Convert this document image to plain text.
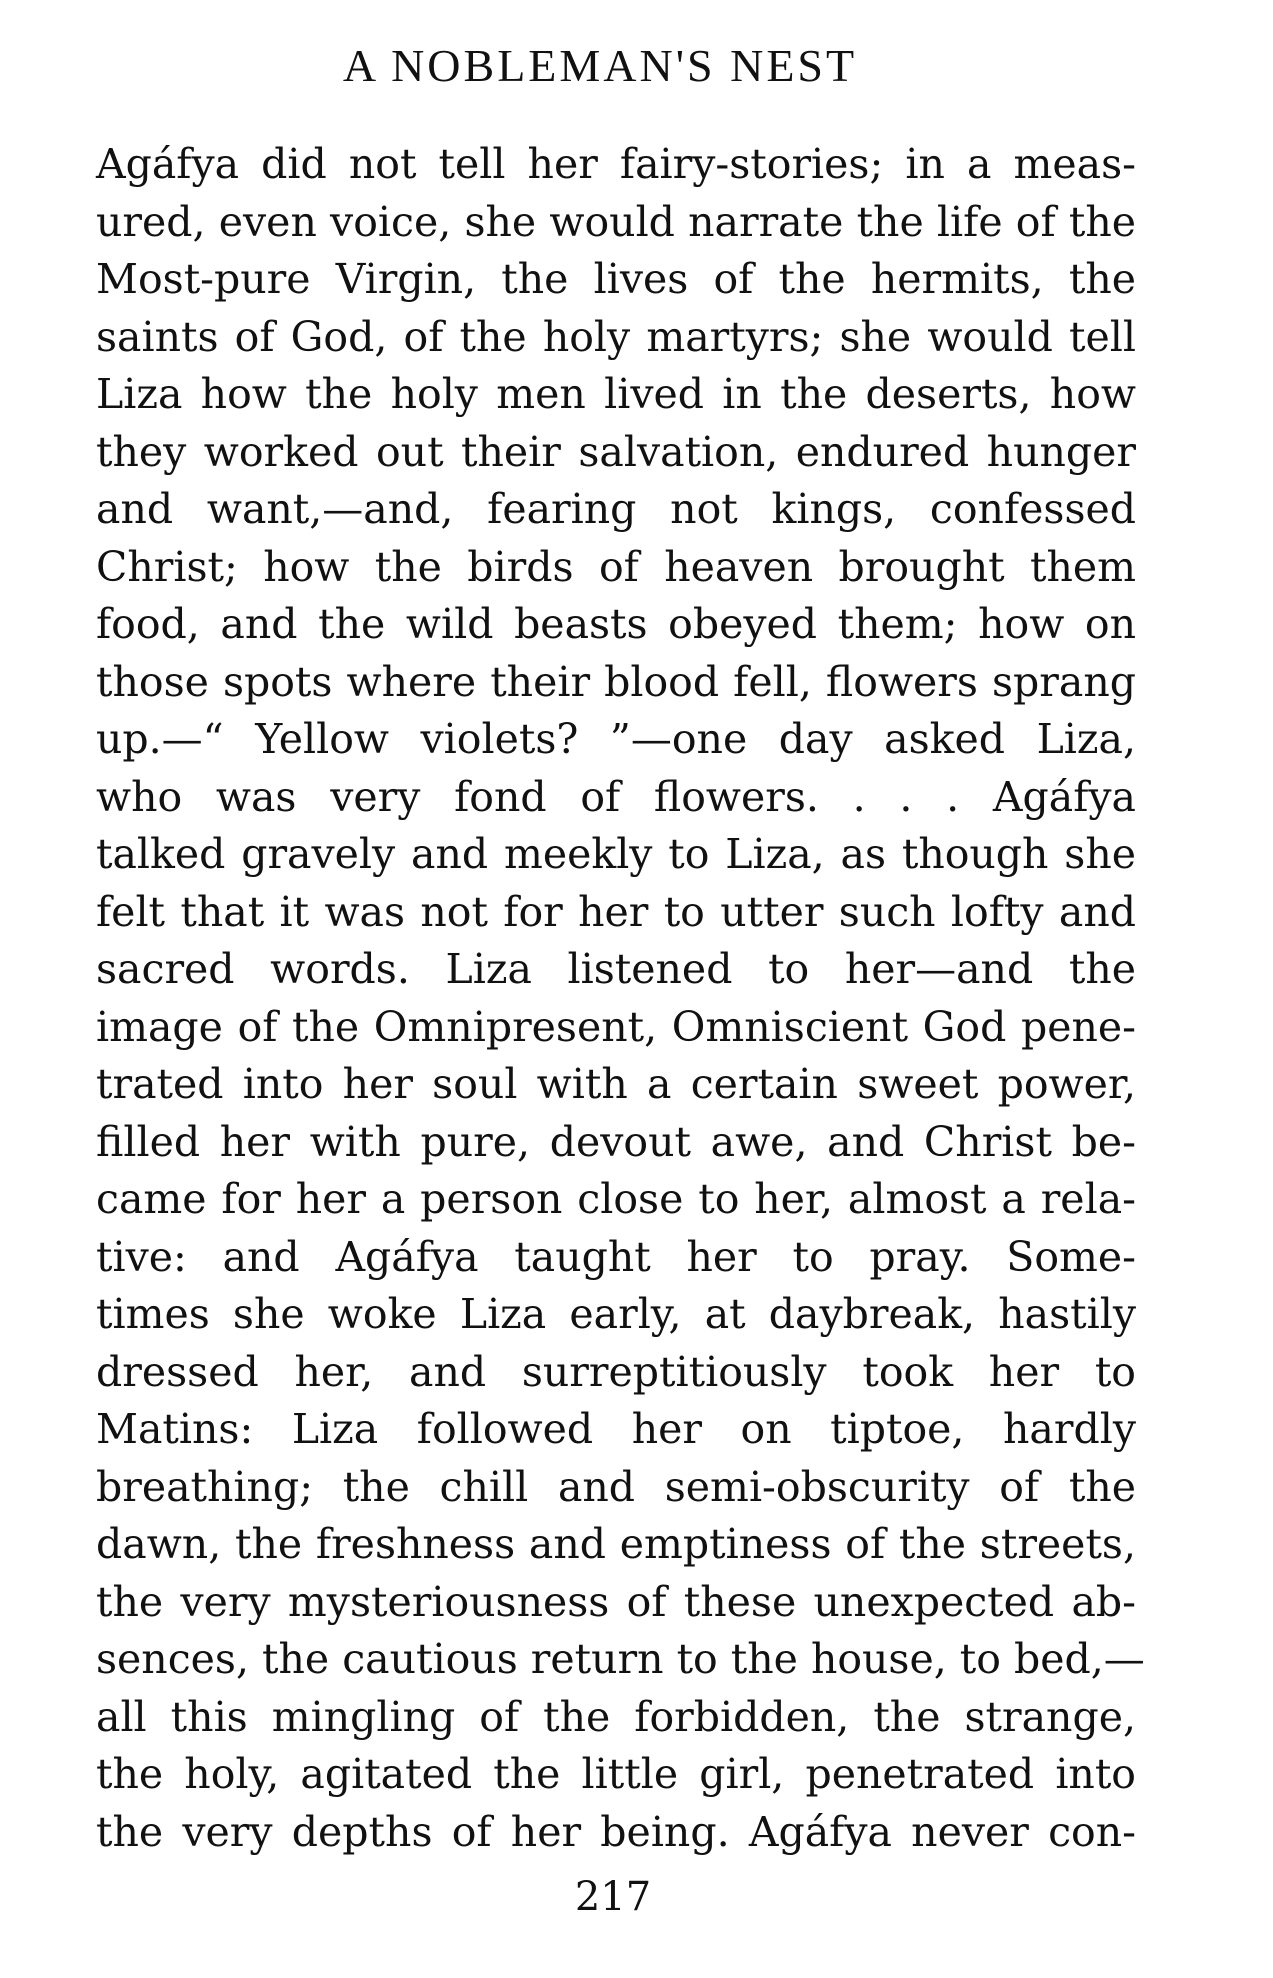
A NOBLEMAN'S NEST
Agáfya did not tell her fairy-stories; in a meas-
ured, even voice, she would narrate the life of the
Most-pure Virgin, the lives of the hermits, the
saints of God, of the holy martyrs; she would tell
Liza how the holy men lived in the deserts, how
they worked out their salvation, endured hunger
and want,—and, fearing not kings, confessed
Christ; how the birds of heaven brought them
food, and the wild beasts obeyed them; how on
those spots where their blood fell, flowers sprang
up.—“ Yellow violets? ”—one day asked Liza,
who was very fond of flowers. . . . Agáfya
talked gravely and meekly to Liza, as though she
felt that it was not for her to utter such lofty and
sacred words. Liza listened to her—and the
image of the Omnipresent, Omniscient God pene-
trated into her soul with a certain sweet power,
filled her with pure, devout awe, and Christ be-
came for her a person close to her, almost a rela-
tive: and Agáfya taught her to pray. Some-
times she woke Liza early, at daybreak, hastily
dressed her, and surreptitiously took her to
Matins: Liza followed her on tiptoe, hardly
breathing; the chill and semi-obscurity of the
dawn, the freshness and emptiness of the streets,
the very mysteriousness of these unexpected ab-
sences, the cautious return to the house, to bed,—
all this mingling of the forbidden, the strange,
the holy, agitated the little girl, penetrated into
the very depths of her being. Agáfya never con-
217
